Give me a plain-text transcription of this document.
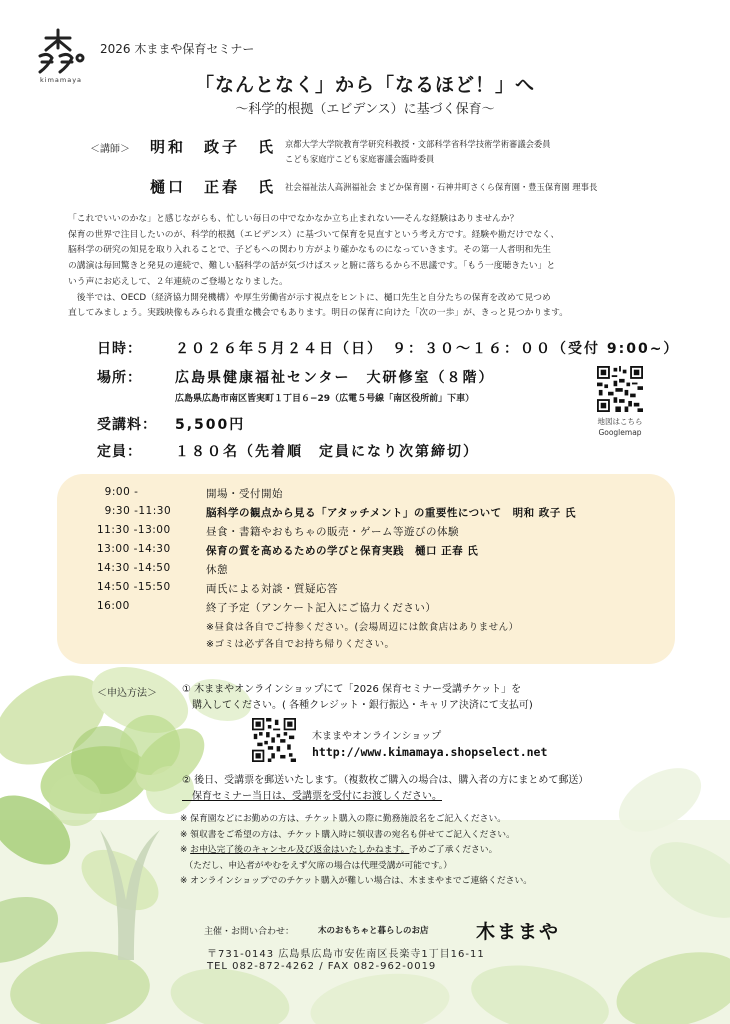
kimamaya
2026 木ままや保育セミナー
「なんとなく」から「なるほど！」へ
〜科学的根拠（エビデンス）に基づく保育〜
＜講師＞ 明和　政子　氏 京都大学大学院教育学研究科教授・文部科学省科学技術学術審議会委員
こども家庭庁こども家庭審議会臨時委員
樋口　正春　氏 社会福祉法人高洲福祉会 まどか保育園・石神井町さくら保育園・豊玉保育園 理事長

「これでいいのかな」と感じながらも、忙しい毎日の中でなかなか立ち止まれない──そんな経験はありませんか？

保育の世界で注目したいのが、科学的根拠（エビデンス）に基づいて保育を見直すという考え方です。経験や勘だけでなく、

脳科学の研究の知見を取り入れることで、子どもへの関わり方がより確かなものになっていきます。その第一人者明和先生

の講演は毎回驚きと発見の連続で、難しい脳科学の話が気づけばスッと腑に落ちるから不思議です。「もう一度聴きたい」と

いう声にお応えして、２年連続のご登場となりました。

　後半では、OECD（経済協力開発機構）や厚生労働省が示す視点をヒントに、樋口先生と自分たちの保育を改めて見つめ

直してみましょう。実践映像もみられる貴重な機会でもあります。明日の保育に向けた「次の一歩」が、きっと見つかります。

日時： ２０２６年５月２４日（日）　９：３０〜１６：００（受付 9:00~）
場所： 広島県健康福祉センター　大研修室（８階）
広島県広島市南区皆実町１丁目６−29（広電５号線「南区役所前」下車）
受講料： 5,500円
定員： １８０名（先着順　定員になり次第締切）
地図はこちら
Googlemap
9:00 -	開場・受付開始
9:30 -11:30	脳科学の観点から見る「アタッチメント」の重要性について　明和 政子 氏
11:30 -13:00	昼食・書籍やおもちゃの販売・ゲーム等遊びの体験
13:00 -14:30	保育の質を高めるための学びと保育実践　樋口 正春 氏
14:30 -14:50	休憩
14:50 -15:50	両氏による対談・質疑応答
16:00	終了予定（アンケート記入にご協力ください）
※昼食は各自でご持参ください。(会場周辺には飲食店はありません）
※ゴミは必ず各自でお持ち帰りください。
＜申込方法＞	① 木ままやオンラインショップにて「2026 保育セミナー受講チケット」を
　購入してください。( 各種クレジット・銀行振込・キャリア決済にて支払可)
木ままやオンラインショップ
http://www.kimamaya.shopselect.net
② 後日、受講票を郵送いたします。（複数枚ご購入の場合は、購入者の方にまとめて郵送）
　保育セミナー当日は、受講票を受付にお渡しください。
※ 保育園などにお勤めの方は、チケット購入の際に勤務施設名をご記入ください。
※ 領収書をご希望の方は、チケット購入時に領収書の宛名も併せてご記入ください。
※ お申込完了後のキャンセル及び返金はいたしかねます。予めご了承ください。
　（ただし、申込者がやむをえず欠席の場合は代理受講が可能です。）
※ オンラインショップでのチケット購入が難しい場合は、木ままやまでご連絡ください。
主催・お問い合わせ：	木のおもちゃと暮らしのお店 木ままや
〒731-0143 広島県広島市安佐南区長楽寺1丁目16-11
TEL 082-872-4262 / FAX 082-962-0019
